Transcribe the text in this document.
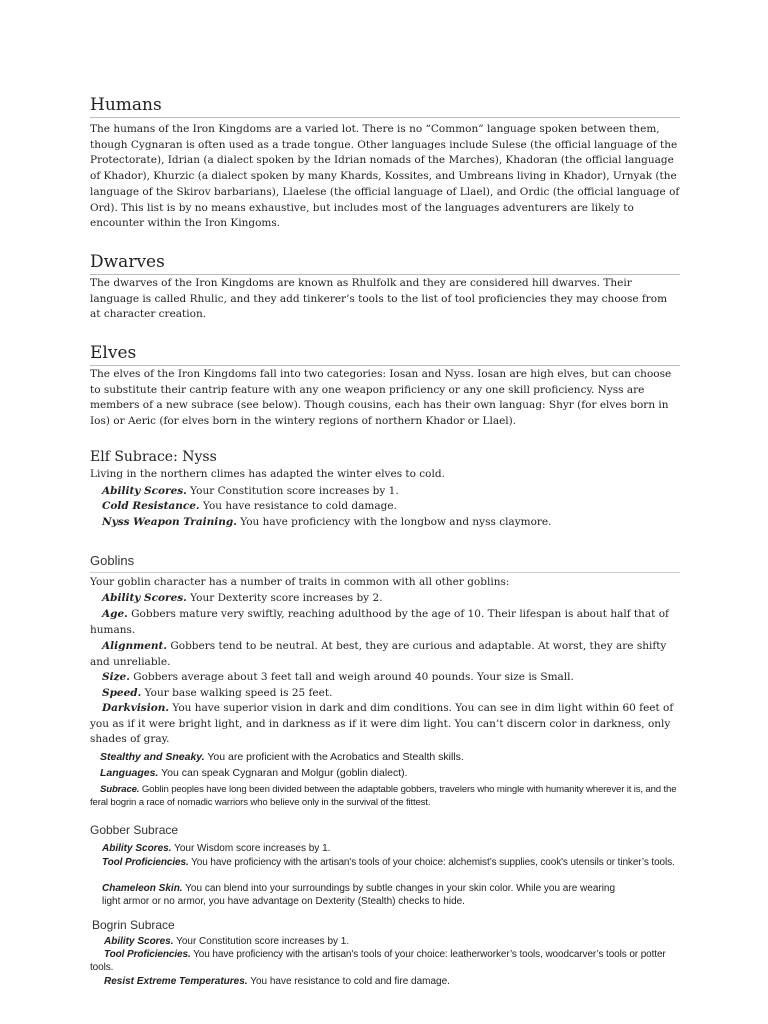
Humans

The humans of the Iron Kingdoms are a varied lot. There is no “Common” language spoken between them, though Cygnaran is often used as a trade tongue. Other languages include Sulese (the official language of the Protectorate), Idrian (a dialect spoken by the Idrian nomads of the Marches), Khadoran (the official language of Khador), Khurzic (a dialect spoken by many Khards, Kossites, and Umbreans living in Khador), Urnyak (the language of the Skirov barbarians), Llaelese (the official language of Llael), and Ordic (the official language of Ord). This list is by no means exhaustive, but includes most of the languages adventurers are likely to encounter within the Iron Kingoms.

Dwarves

The dwarves of the Iron Kingdoms are known as Rhulfolk and they are considered hill dwarves. Their language is called Rhulic, and they add tinkerer’s tools to the list of tool proficiencies they may choose from at character creation.

Elves

The elves of the Iron Kingdoms fall into two categories: Iosan and Nyss. Iosan are high elves, but can choose to substitute their cantrip feature with any one weapon prificiency or any one skill proficiency. Nyss are members of a new subrace (see below). Though cousins, each has their own languag: Shyr (for elves born in Ios) or Aeric (for elves born in the wintery regions of northern Khador or Llael).

Elf Subrace: Nyss

Living in the northern climes has adapted the winter elves to cold.

Ability Scores. Your Constitution score increases by 1.

Cold Resistance. You have resistance to cold damage.

Nyss Weapon Training. You have proficiency with the longbow and nyss claymore.

Goblins

Your goblin character has a number of traits in common with all other goblins:

Ability Scores. Your Dexterity score increases by 2.

Age. Gobbers mature very swiftly, reaching adulthood by the age of 10. Their lifespan is about half that of humans.

Alignment. Gobbers tend to be neutral. At best, they are curious and adaptable. At worst, they are shifty and unreliable.

Size. Gobbers average about 3 feet tall and weigh around 40 pounds. Your size is Small.

Speed. Your base walking speed is 25 feet.

Darkvision. You have superior vision in dark and dim conditions. You can see in dim light within 60 feet of you as if it were bright light, and in darkness as if it were dim light. You can’t discern color in darkness, only shades of gray.

Stealthy and Sneaky. You are proficient with the Acrobatics and Stealth skills.

Languages. You can speak Cygnaran and Molgur (goblin dialect).

Subrace. Goblin peoples have long been divided between the adaptable gobbers, travelers who mingle with humanity wherever it is, and the feral bogrin a race of nomadic warriors who believe only in the survival of the fittest.

Gobber Subrace

Ability Scores. Your Wisdom score increases by 1.

Tool Proficiencies. You have proficiency with the artisan's tools of your choice: alchemist’s supplies, cook's utensils or tinker’s tools.

Chameleon Skin. You can blend into your surroundings by subtle changes in your skin color. While you are wearing light armor or no armor, you have advantage on Dexterity (Stealth) checks to hide.

Bogrin Subrace

Ability Scores. Your Constitution score increases by 1.

Tool Proficiencies. You have proficiency with the artisan's tools of your choice: leatherworker’s tools, woodcarver’s tools or potter tools.

Resist Extreme Temperatures. You have resistance to cold and fire damage.
